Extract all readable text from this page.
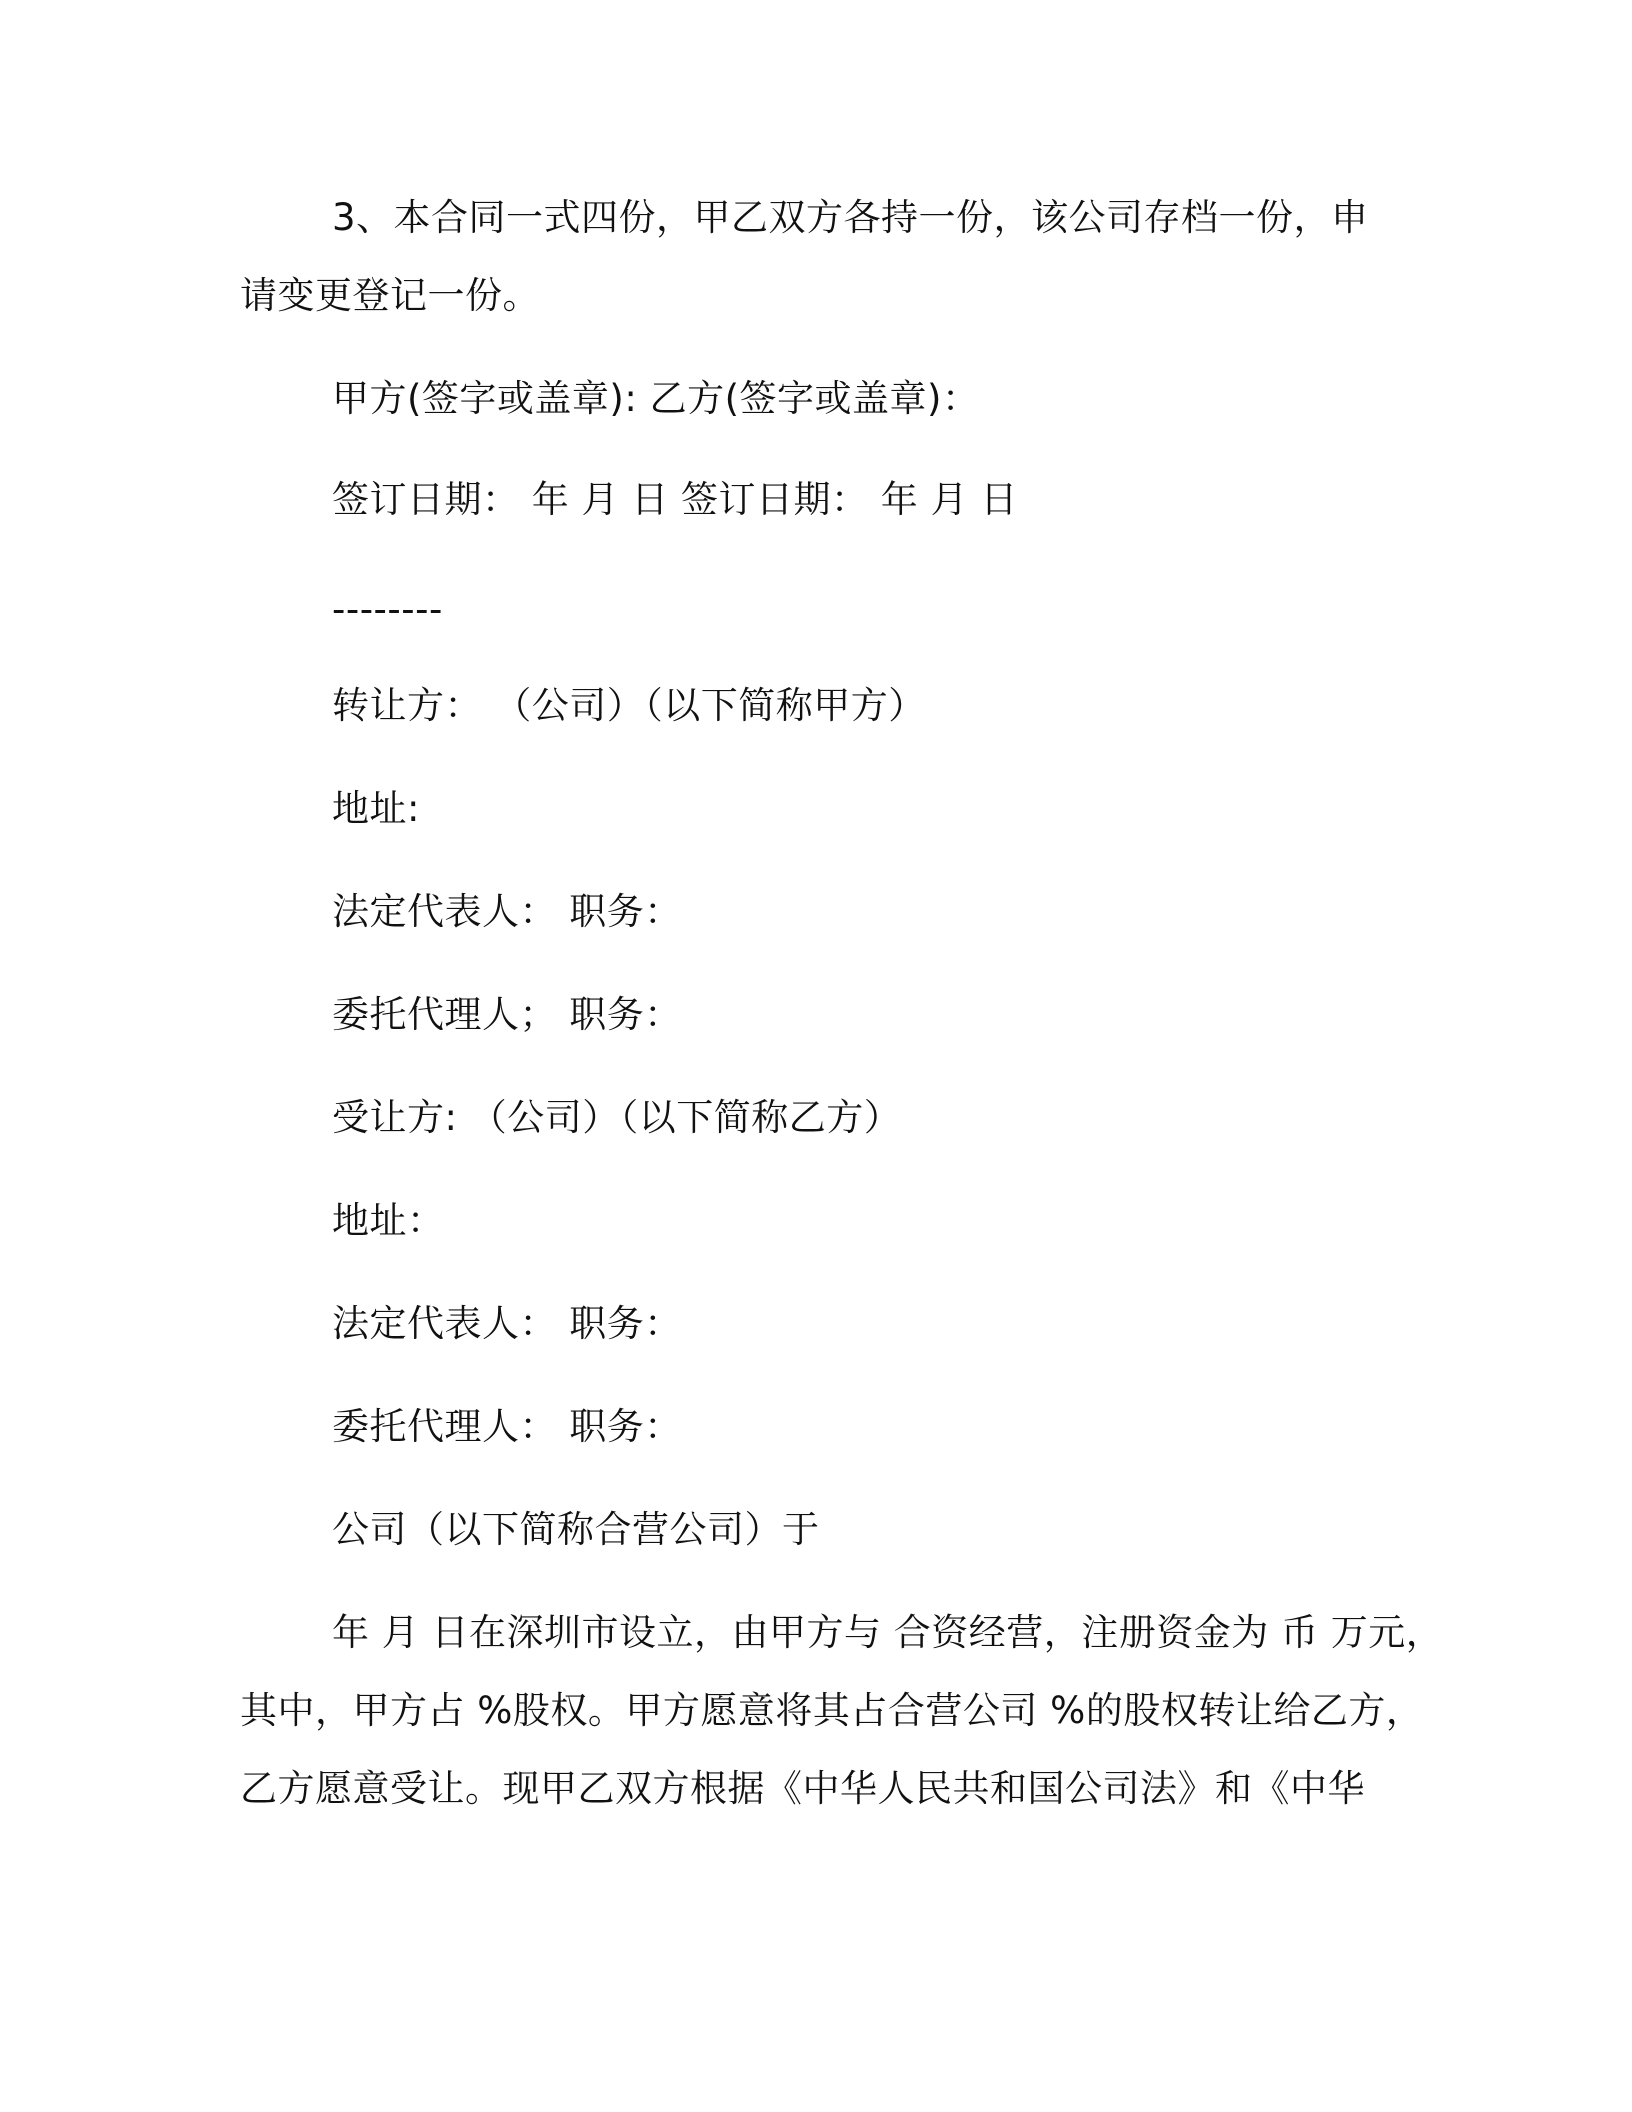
3、本合同一式四份，甲乙双方各持一份，该公司存档一份，申
请变更登记一份。
甲方(签字或盖章): 乙方(签字或盖章)：
签订日期： 年 月 日 签订日期： 年 月 日
--------
转让方： （公司）（以下简称甲方）
地址:
法定代表人： 职务：
委托代理人； 职务：
受让方: （公司）（以下简称乙方）
地址：
法定代表人： 职务：
委托代理人： 职务：
公司（以下简称合营公司）于
年 月 日在深圳市设立，由甲方与 合资经营，注册资金为 币 万元，
其中，甲方占 %股权。甲方愿意将其占合营公司 %的股权转让给乙方，
乙方愿意受让。现甲乙双方根据《中华人民共和国公司法》和《中华
